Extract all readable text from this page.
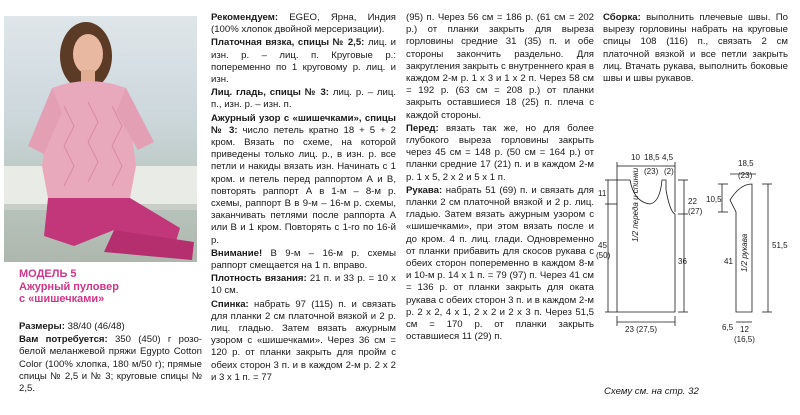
МОДЕЛЬ 5
Ажурный пуловер
с «шишечками»
Размеры: 38/40 (46/48)
Вам потребуется: 350 (450) г розо-белой меланжевой пряжи Egypto Cotton Color (100% хлопка, 180 м/50 г); прямые спицы № 2,5 и № 3; круговые спицы № 2,5.
Рекомендуем: EGEO, Ярна, Индия (100% хлопок двойной мерсеризации).
Платочная вязка, спицы № 2,5: лиц. и изн. р. – лиц. п. Круговые р.: попеременно по 1 круговому р. лиц. и изн.
Лиц. гладь, спицы № 3: лиц. р. – лиц. п., изн. р. – изн. п.
Ажурный узор с «шишечками», спицы № 3: число петель кратно 18 + 5 + 2 кром. Вязать по схеме, на которой приведены только лиц. р., в изн. р. все петли и накиды вязать изн. Начинать с 1 кром. и петель перед раппортом А и В, повторять раппорт А в 1-м – 8-м р. схемы, раппорт В в 9-м – 16-м р. схемы, заканчивать петлями после раппорта А или В и 1 кром. Повторять с 1-го по 16-й р.
Внимание! В 9-м – 16-м р. схемы раппорт смещается на 1 п. вправо.
Плотность вязания: 21 п. и 33 р. = 10 х 10 см.
Спинка: набрать 97 (115) п. и связать для планки 2 см платочной вязкой и 2 р. лиц. гладью. Затем вязать ажурным узором с «шишечками». Через 36 см = 120 р. от планки закрыть для пройм с обеих сторон 3 п. и в каждом 2-м р. 2 х 2 и 3 х 1 п. = 77
(95) п. Через 56 см = 186 р. (61 см = 202 р.) от планки закрыть для выреза горловины средние 31 (35) п. и обе стороны закончить раздельно. Для закругления закрыть с внутреннего края в каждом 2-м р. 1 х 3 и 1 х 2 п. Через 58 см = 192 р. (63 см = 208 р.) от планки закрыть оставшиеся 18 (25) п. плеча с каждой стороны.
Перед: вязать так же, но для более глубокого выреза горловины закрыть через 45 см = 148 р. (50 см = 164 р.) от планки средние 17 (21) п. и в каждом 2-м р. 1 х 5, 2 х 2 и 5 х 1 п.
Рукава: набрать 51 (69) п. и связать для планки 2 см платочной вязкой и 2 р. лиц. гладью. Затем вязать ажурным узором с «шишечками», при этом вязать после и до кром. 4 п. лиц. глади. Одновременно от планки прибавить для скосов рукава с обеих сторон попеременно в каждом 8-м и 10-м р. 14 х 1 п. = 79 (97) п. Через 41 см = 136 р. от планки закрыть для оката рукава с обеих сторон 3 п. и в каждом 2-м р. 2 х 2, 4 х 1, 2 х 2 и 2 х 3 п. Через 51,5 см = 170 р. от планки закрыть оставшиеся 11 (29) п.
Сборка: выполнить плечевые швы. По вырезу горловины набрать на круговые спицы 108 (116) п., связать 2 см платочной вязкой и все петли закрыть лиц. Втачать рукава, выполнить боковые швы и швы рукавов.
10 18,5 4,5
(23) (2)
11
45
(50)
22
(27)
36
23 (27,5)
1/2 переда и спинки
18,5
(23)
10,5
41
51,5
12
(16,5)
6,5
1/2 рукава
Схему см. на стр. 32
